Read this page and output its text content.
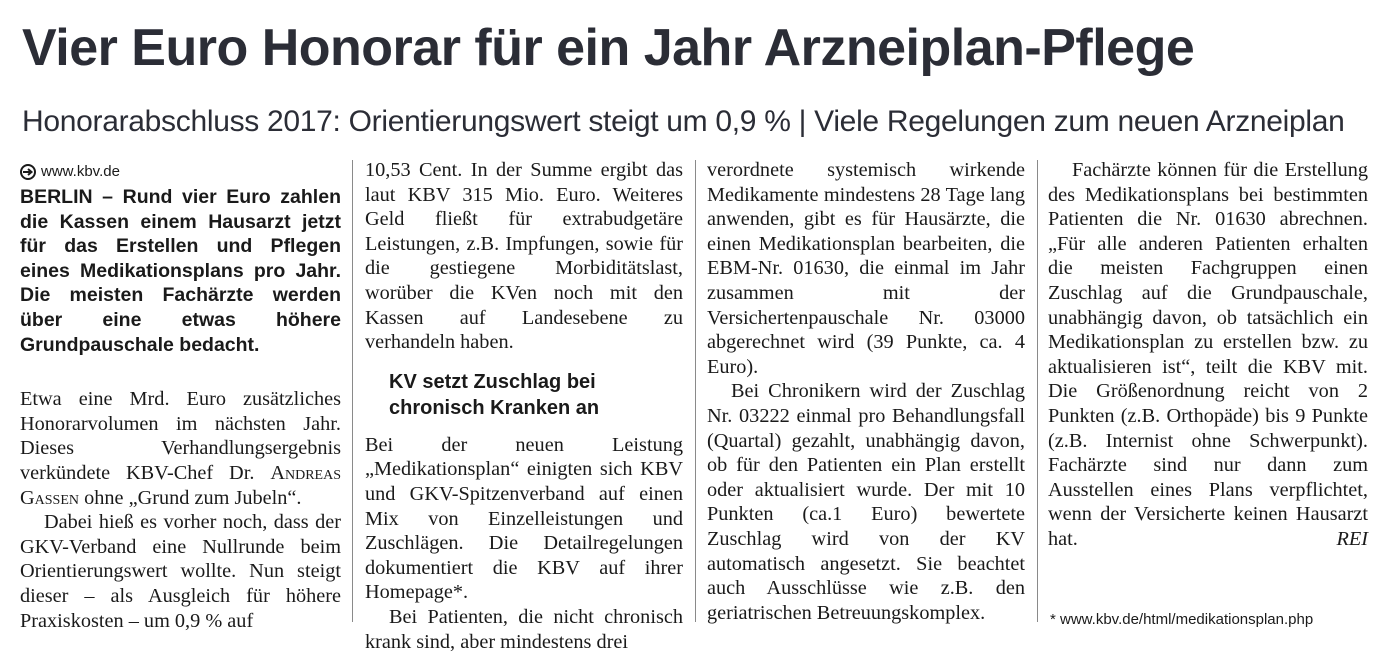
Vier Euro Honorar für ein Jahr Arzneiplan-Pflege
Honorarabschluss 2017: Orientierungswert steigt um 0,9 % | Viele Regelungen zum neuen Arzneiplan
www.kbv.de

BERLIN – Rund vier Euro zahlen die Kassen einem Hausarzt jetzt für das Erstellen und Pflegen eines Medikationsplans pro Jahr. Die meisten Fachärzte werden über eine etwas höhere Grundpauschale bedacht.

Etwa eine Mrd. Euro zusätzliches Honorarvolumen im nächsten Jahr. Dieses Verhandlungsergebnis verkündete KBV-Chef Dr. Andreas Gassen ohne „Grund zum Jubeln“.

Dabei hieß es vorher noch, dass der GKV-Verband eine Nullrunde beim Orientierungswert wollte. Nun steigt dieser – als Ausgleich für höhere Praxiskosten – um 0,9 % auf

10,53 Cent. In der Summe ergibt das laut KBV 315 Mio. Euro. Weiteres Geld fließt für extrabudgetäre Leistungen, z.B. Impfungen, sowie für die gestiegene Morbiditätslast, worüber die KVen noch mit den Kassen auf Landesebene zu verhandeln haben.

KV setzt Zuschlag bei chronisch Kranken an

Bei der neuen Leistung „Medikationsplan“ einigten sich KBV und GKV-Spitzenverband auf einen Mix von Einzelleistungen und Zuschlägen. Die Detailregelungen dokumentiert die KBV auf ihrer Homepage*.

Bei Patienten, die nicht chronisch krank sind, aber mindestens drei

verordnete systemisch wirkende Medikamente mindestens 28 Tage lang anwenden, gibt es für Hausärzte, die einen Medikationsplan bearbeiten, die EBM-Nr. 01630, die einmal im Jahr zusammen mit der Versichertenpauschale Nr. 03000 abgerechnet wird (39 Punkte, ca. 4 Euro).

Bei Chronikern wird der Zuschlag Nr. 03222 einmal pro Behandlungsfall (Quartal) gezahlt, unabhängig davon, ob für den Patienten ein Plan erstellt oder aktualisiert wurde. Der mit 10 Punkten (ca.1 Euro) bewertete Zuschlag wird von der KV automatisch angesetzt. Sie beachtet auch Ausschlüsse wie z.B. den geriatrischen Betreuungskomplex.

Fachärzte können für die Erstellung des Medikationsplans bei bestimmten Patienten die Nr. 01630 abrechnen. „Für alle anderen Patienten erhalten die meisten Fachgruppen einen Zuschlag auf die Grundpauschale, unabhängig davon, ob tatsächlich ein Medikationsplan zu erstellen bzw. zu aktualisieren ist“, teilt die KBV mit. Die Größenordnung reicht von 2 Punkten (z.B. Orthopäde) bis 9 Punkte (z.B. Internist ohne Schwerpunkt). Fachärzte sind nur dann zum Ausstellen eines Plans verpflichtet, wenn der Versicherte keinen Hausarzt hat.	REI

* www.kbv.de/html/medikationsplan.php
